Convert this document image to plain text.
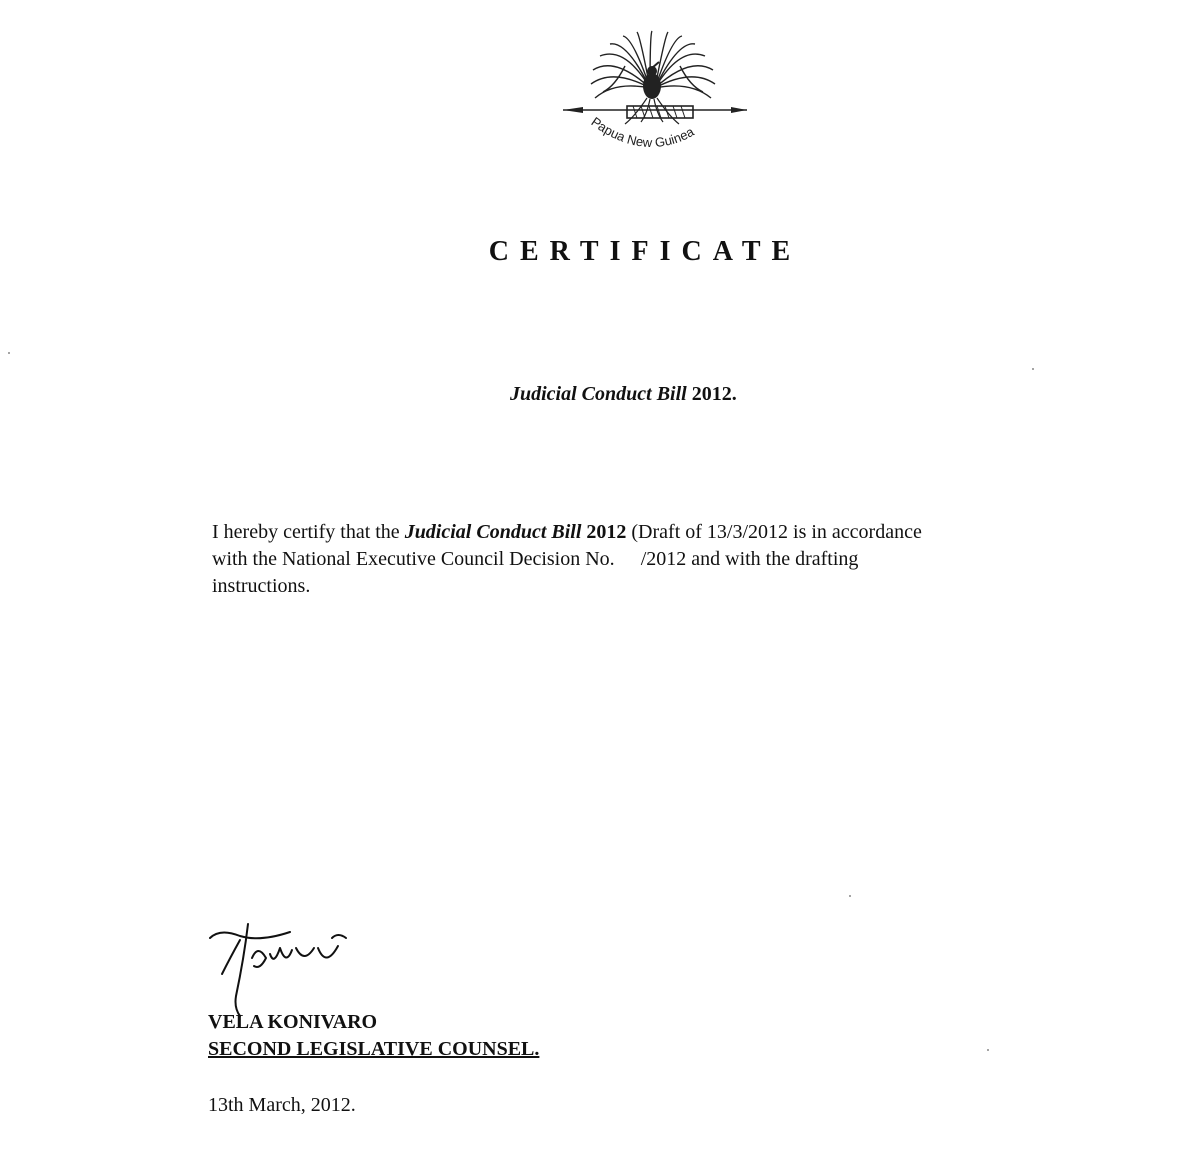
Papua New Guinea
CERTIFICATE
Judicial Conduct Bill 2012.
I hereby certify that the Judicial Conduct Bill 2012 (Draft of 13/3/2012 is in accordance
with the National Executive Council Decision No. /2012 and with the drafting
instructions.
VELA KONIVARO
SECOND LEGISLATIVE COUNSEL.
13th March, 2012.
